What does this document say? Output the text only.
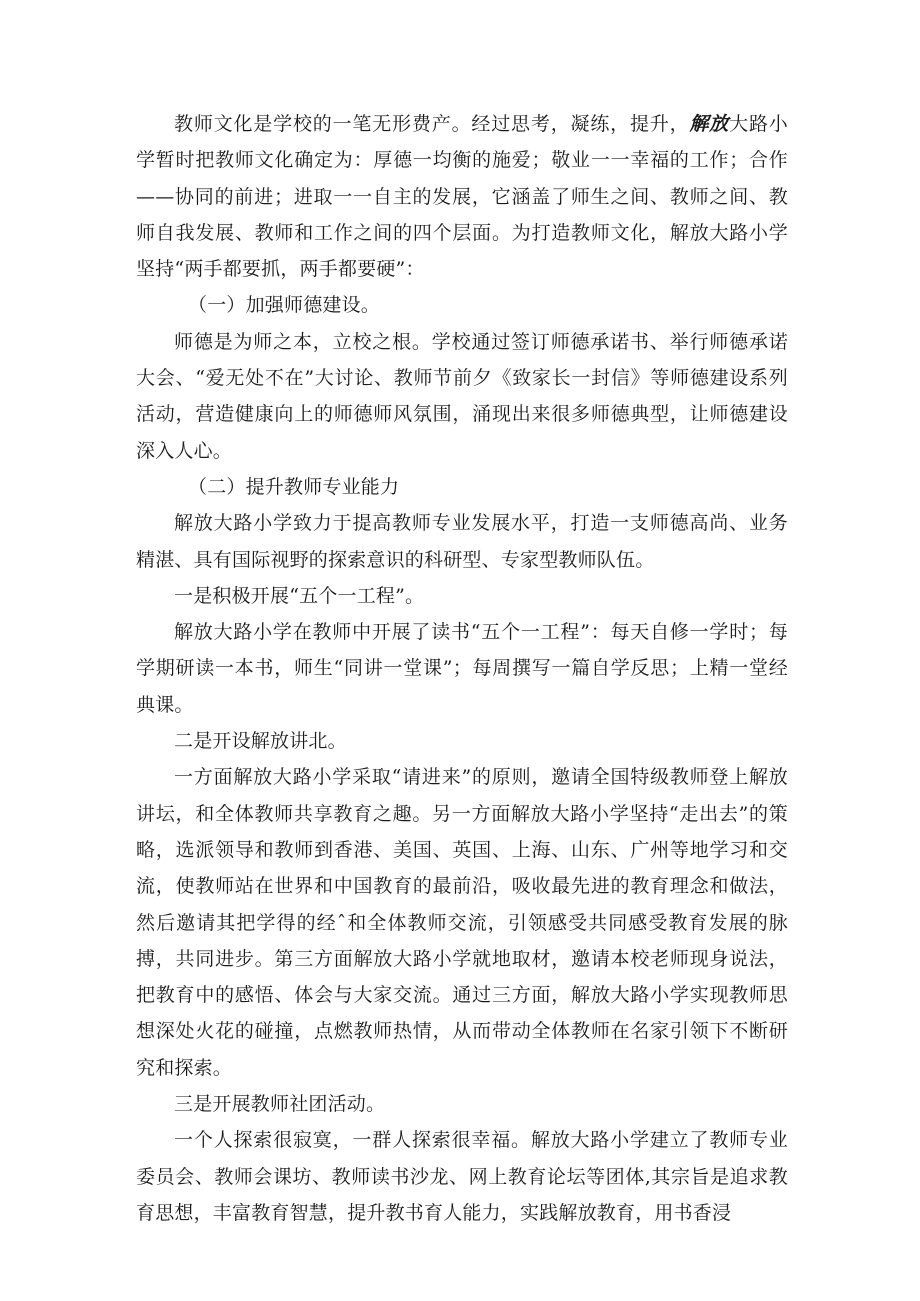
教师文化是学校的一笔无形费产。经过思考，凝练，提升，解放大路小学暂时把教师文化确定为：厚德一均衡的施爱；敬业一一幸福的工作；合作——协同的前进；进取一一自主的发展，它涵盖了师生之间、教师之间、教师自我发展、教师和工作之间的四个层面。为打造教师文化，解放大路小学坚持“两手都要抓，两手都要硬”：

（一）加强师德建设。

师德是为师之本，立校之根。学校通过签订师德承诺书、举行师德承诺大会、“爱无处不在”大讨论、教师节前夕《致家长一封信》等师德建设系列活动，营造健康向上的师德师风氛围，涌现出来很多师德典型，让师德建设深入人心。

（二）提升教师专业能力

解放大路小学致力于提高教师专业发展水平，打造一支师德高尚、业务精湛、具有国际视野的探索意识的科研型、专家型教师队伍。

一是积极开展“五个一工程”。

解放大路小学在教师中开展了读书“五个一工程”：每天自修一学时；每学期研读一本书，师生“同讲一堂课”；每周撰写一篇自学反思；上精一堂经典课。

二是开设解放讲北。

一方面解放大路小学采取“请进来”的原则，邀请全国特级教师登上解放讲坛，和全体教师共享教育之趣。另一方面解放大路小学坚持“走出去”的策略，选派领导和教师到香港、美国、英国、上海、山东、广州等地学习和交流，使教师站在世界和中国教育的最前沿，吸收最先进的教育理念和做法，然后邀请其把学得的经ˆ和全体教师交流，引领感受共同感受教育发展的脉搏，共同进步。第三方面解放大路小学就地取材，邀请本校老师现身说法，把教育中的感悟、体会与大家交流。通过三方面，解放大路小学实现教师思想深处火花的碰撞，点燃教师热情，从而带动全体教师在名家引领下不断研究和探索。

三是开展教师社团活动。

一个人探索很寂寞，一群人探索很幸福。解放大路小学建立了教师专业委员会、教师会课坊、教师读书沙龙、网上教育论坛等团体,其宗旨是追求教育思想，丰富教育智慧，提升教书育人能力，实践解放教育，用书香浸
